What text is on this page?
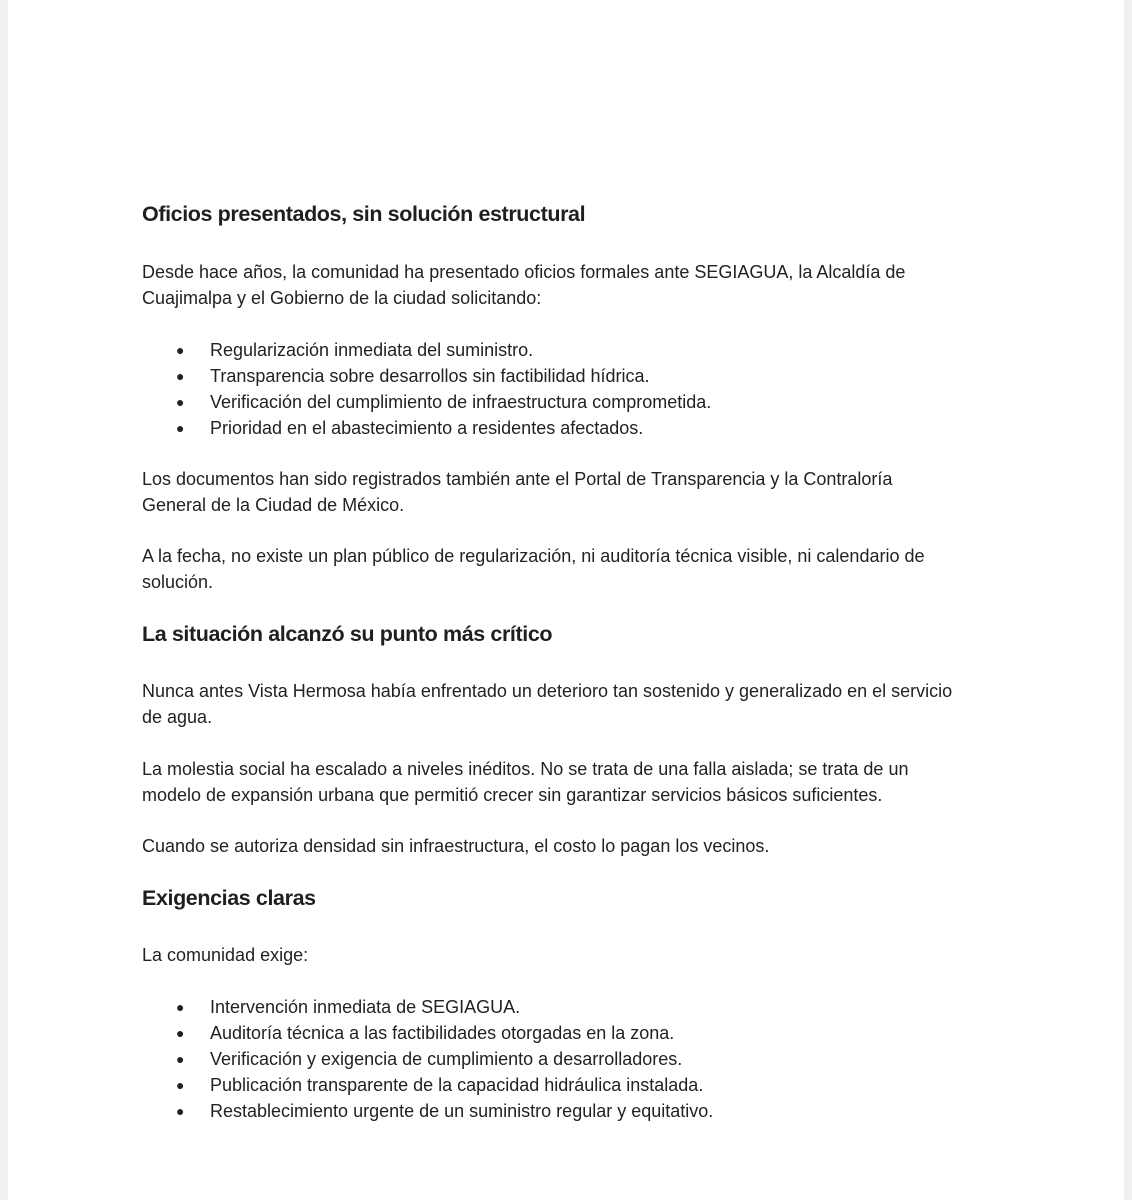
Oficios presentados, sin solución estructural

Desde hace años, la comunidad ha presentado oficios formales ante SEGIAGUA, la Alcaldía de
Cuajimalpa y el Gobierno de la ciudad solicitando:

● Regularización inmediata del suministro.
● Transparencia sobre desarrollos sin factibilidad hídrica.
● Verificación del cumplimiento de infraestructura comprometida.
● Prioridad en el abastecimiento a residentes afectados.

Los documentos han sido registrados también ante el Portal de Transparencia y la Contraloría
General de la Ciudad de México.

A la fecha, no existe un plan público de regularización, ni auditoría técnica visible, ni calendario de
solución.

La situación alcanzó su punto más crítico

Nunca antes Vista Hermosa había enfrentado un deterioro tan sostenido y generalizado en el servicio
de agua.

La molestia social ha escalado a niveles inéditos. No se trata de una falla aislada; se trata de un
modelo de expansión urbana que permitió crecer sin garantizar servicios básicos suficientes.

Cuando se autoriza densidad sin infraestructura, el costo lo pagan los vecinos.

Exigencias claras

La comunidad exige:

● Intervención inmediata de SEGIAGUA.
● Auditoría técnica a las factibilidades otorgadas en la zona.
● Verificación y exigencia de cumplimiento a desarrolladores.
● Publicación transparente de la capacidad hidráulica instalada.
● Restablecimiento urgente de un suministro regular y equitativo.
